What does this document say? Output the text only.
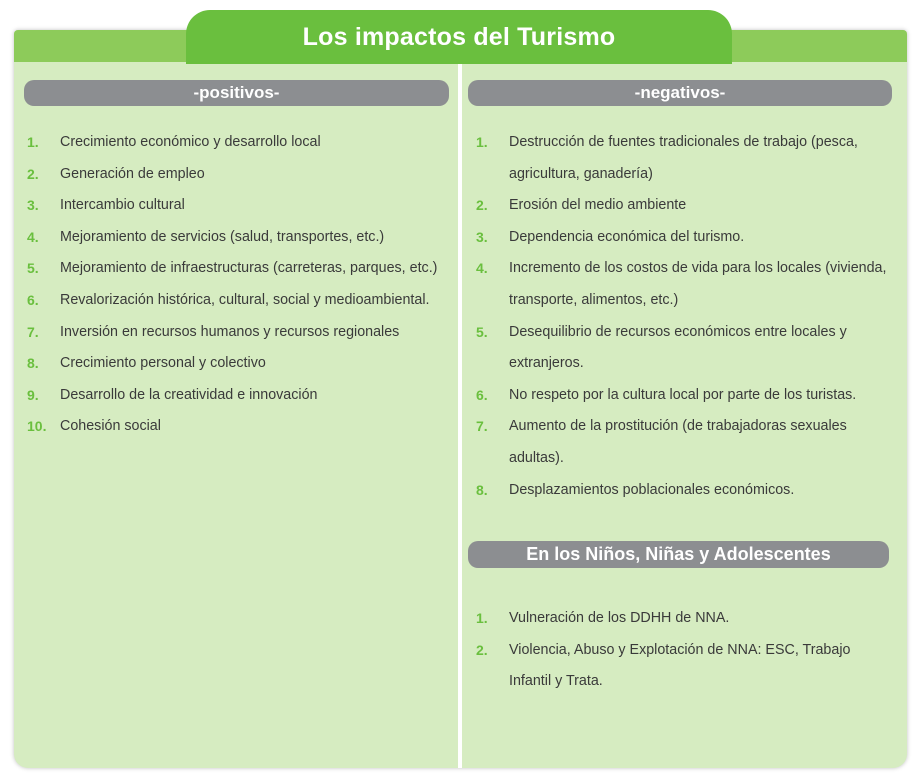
Los impactos del Turismo
-positivos-	-negativos-
En los Niños, Niñas y Adolescentes
1. Crecimiento económico y desarrollo local
2. Generación de empleo
3. Intercambio cultural
4. Mejoramiento de servicios (salud, transportes, etc.)
5. Mejoramiento de infraestructuras (carreteras, parques, etc.)
6. Revalorización histórica, cultural, social y medioambiental.
7. Inversión en recursos humanos y recursos regionales
8. Crecimiento personal y colectivo
9. Desarrollo de la creatividad e innovación
10. Cohesión social
1. Destrucción de fuentes tradicionales de trabajo (pesca, agricultura, ganadería)
2. Erosión del medio ambiente
3. Dependencia económica del turismo.
4. Incremento de los costos de vida para los locales (vivienda, transporte, alimentos, etc.)
5. Desequilibrio de recursos económicos entre locales y extranjeros.
6. No respeto por la cultura local por parte de los turistas.
7. Aumento de la prostitución (de trabajadoras sexuales adultas).
8. Desplazamientos poblacionales económicos.
1. Vulneración de los DDHH de NNA.
2. Violencia, Abuso y Explotación de NNA: ESC, Trabajo Infantil y Trata.
